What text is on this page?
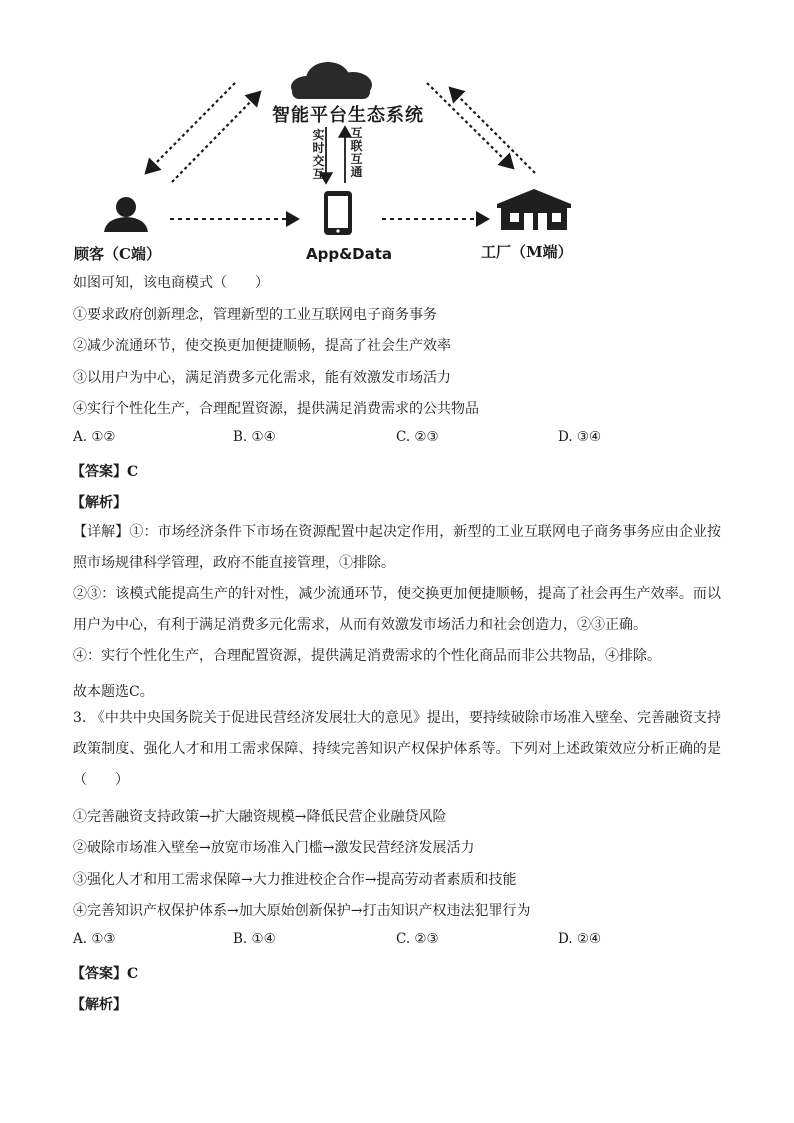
智能平台生态系统
实
时
交
互
互
联
互
通
顾客（C端）	App&Data	工厂（M端）
如图可知，该电商模式（　　）
①要求政府创新理念，管理新型的工业互联网电子商务事务
②减少流通环节，使交换更加便捷顺畅，提高了社会生产效率
③以用户为中心，满足消费多元化需求，能有效激发市场活力
④实行个性化生产，合理配置资源，提供满足消费需求的公共物品
A. ①②	B. ①④	C. ②③	D. ③④
【答案】C
【解析】
【详解】①：市场经济条件下市场在资源配置中起决定作用，新型的工业互联网电子商务事务应由企业按照市场规律科学管理，政府不能直接管理，①排除。
②③：该模式能提高生产的针对性，减少流通环节，使交换更加便捷顺畅，提高了社会再生产效率。而以用户为中心，有利于满足消费多元化需求，从而有效激发市场活力和社会创造力，②③正确。
④：实行个性化生产，合理配置资源，提供满足消费需求的个性化商品而非公共物品，④排除。
故本题选C。
3. 《中共中央国务院关于促进民营经济发展壮大的意见》提出，要持续破除市场准入壁垒、完善融资支持政策制度、强化人才和用工需求保障、持续完善知识产权保护体系等。下列对上述政策效应分析正确的是（　　）
①完善融资支持政策→扩大融资规模→降低民营企业融贷风险
②破除市场准入壁垒→放宽市场准入门槛→激发民营经济发展活力
③强化人才和用工需求保障→大力推进校企合作→提高劳动者素质和技能
④完善知识产权保护体系→加大原始创新保护→打击知识产权违法犯罪行为
A. ①③	B. ①④	C. ②③	D. ②④
【答案】C
【解析】
